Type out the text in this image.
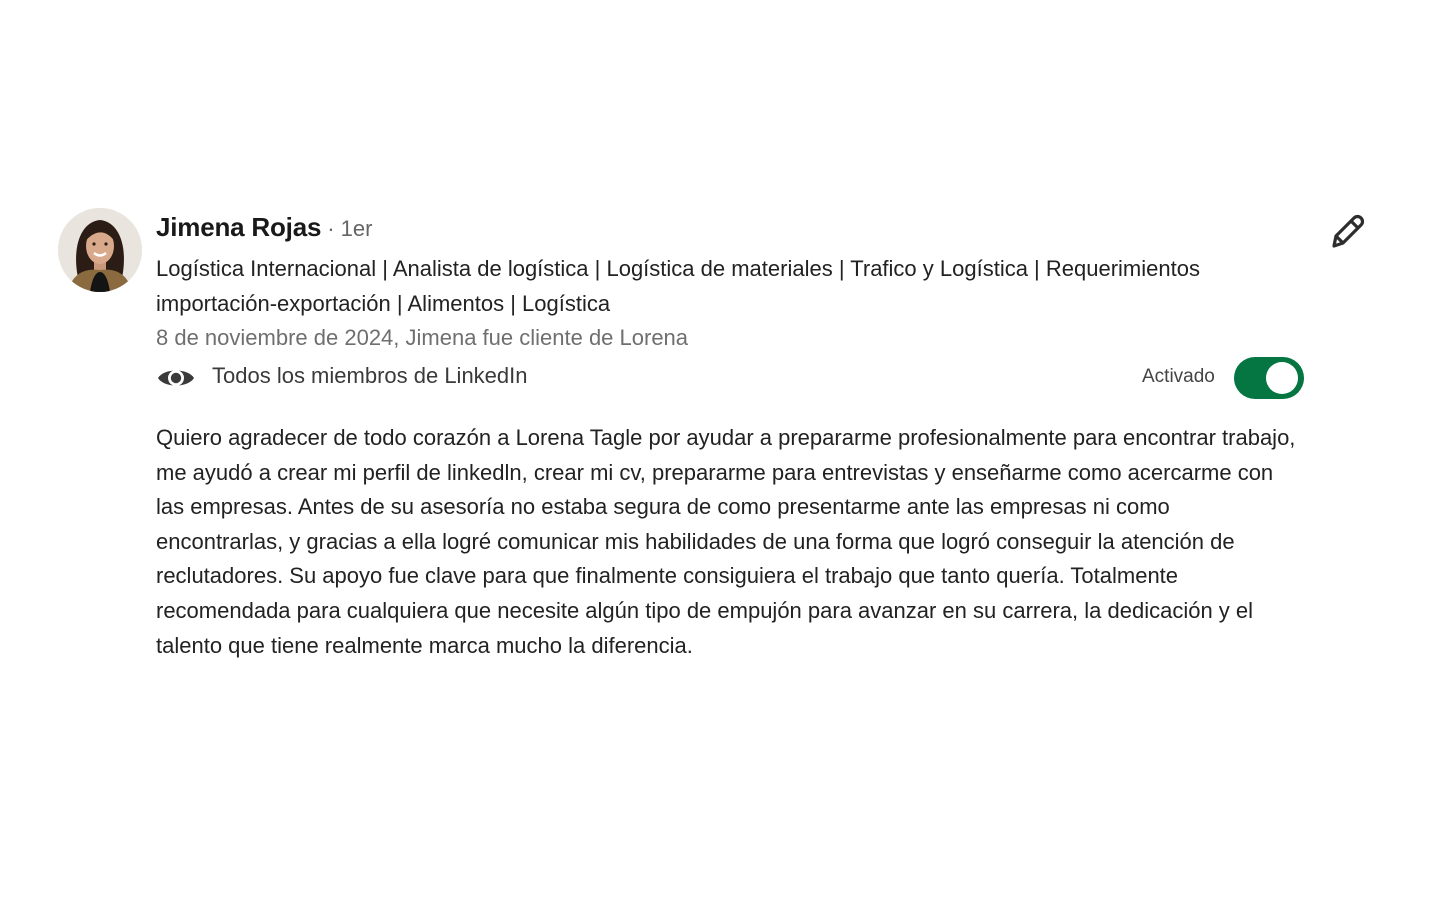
Jimena Rojas · 1er
Logística Internacional | Analista de logística | Logística de materiales | Trafico y Logística | Requerimientos importación-exportación | Alimentos | Logística
8 de noviembre de 2024, Jimena fue cliente de Lorena
Todos los miembros de LinkedIn	Activado
Quiero agradecer de todo corazón a Lorena Tagle por ayudar a prepararme profesionalmente para encontrar trabajo, me ayudó a crear mi perfil de linkedln, crear mi cv, prepararme para entrevistas y enseñarme como acercarme con las empresas. Antes de su asesoría no estaba segura de como presentarme ante las empresas ni como encontrarlas, y gracias a ella logré comunicar mis habilidades de una forma que logró conseguir la atención de reclutadores. Su apoyo fue clave para que finalmente consiguiera el trabajo que tanto quería. Totalmente recomendada para cualquiera que necesite algún tipo de empujón para avanzar en su carrera, la dedicación y el talento que tiene realmente marca mucho la diferencia.
